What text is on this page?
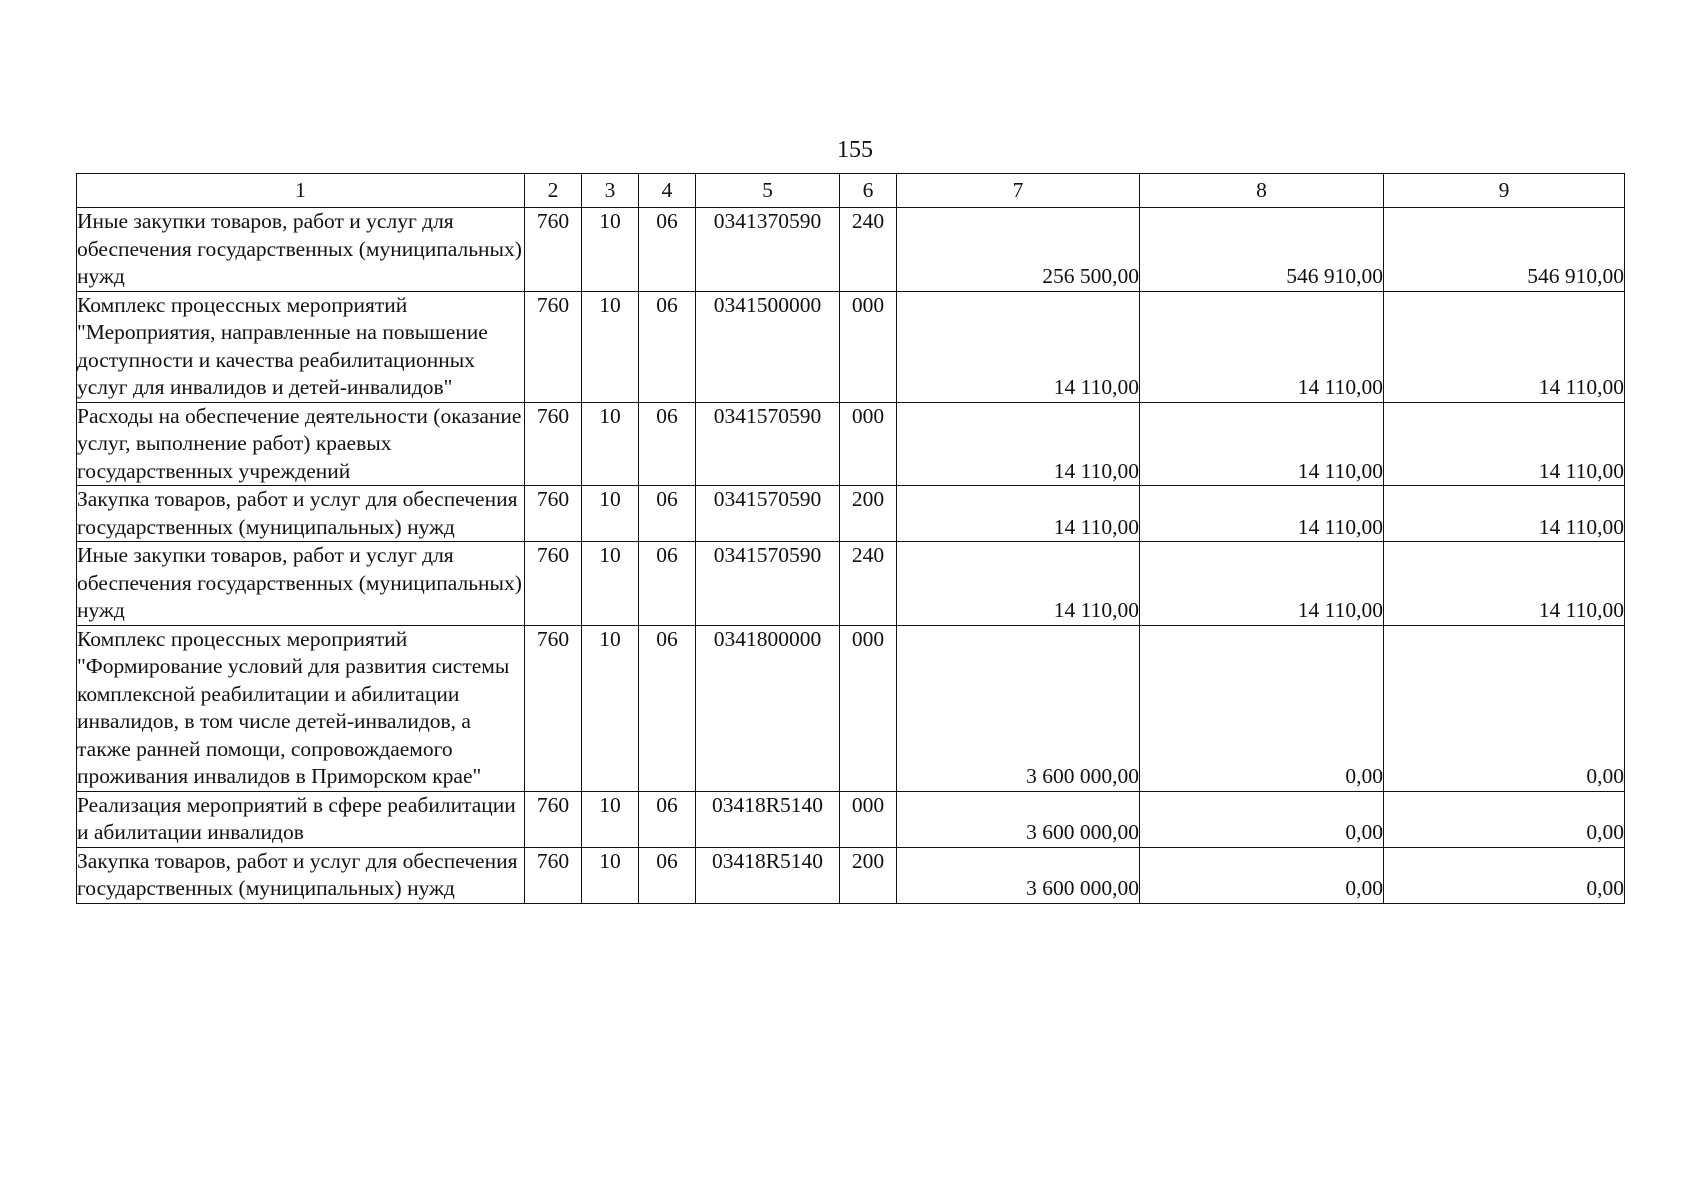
155
1	2	3	4	5	6	7	8	9
Иные закупки товаров, работ и услуг для обеспечения государственных (муниципальных) нужд	760	10	06	0341370590	240	256 500,00	546 910,00	546 910,00
Комплекс процессных мероприятий "Мероприятия, направленные на повышение доступности и качества реабилитационных услуг для инвалидов и детей-инвалидов"	760	10	06	0341500000	000	14 110,00	14 110,00	14 110,00
Расходы на обеспечение деятельности (оказание услуг, выполнение работ) краевых государственных учреждений	760	10	06	0341570590	000	14 110,00	14 110,00	14 110,00
Закупка товаров, работ и услуг для обеспечения государственных (муниципальных) нужд	760	10	06	0341570590	200	14 110,00	14 110,00	14 110,00
Иные закупки товаров, работ и услуг для обеспечения государственных (муниципальных) нужд	760	10	06	0341570590	240	14 110,00	14 110,00	14 110,00
Комплекс процессных мероприятий "Формирование условий для развития системы комплексной реабилитации и абилитации инвалидов, в том числе детей-инвалидов, а также ранней помощи, сопровождаемого проживания инвалидов в Приморском крае"	760	10	06	0341800000	000	3 600 000,00	0,00	0,00
Реализация мероприятий в сфере реабилитации и абилитации инвалидов	760	10	06	03418R5140	000	3 600 000,00	0,00	0,00
Закупка товаров, работ и услуг для обеспечения государственных (муниципальных) нужд	760	10	06	03418R5140	200	3 600 000,00	0,00	0,00
